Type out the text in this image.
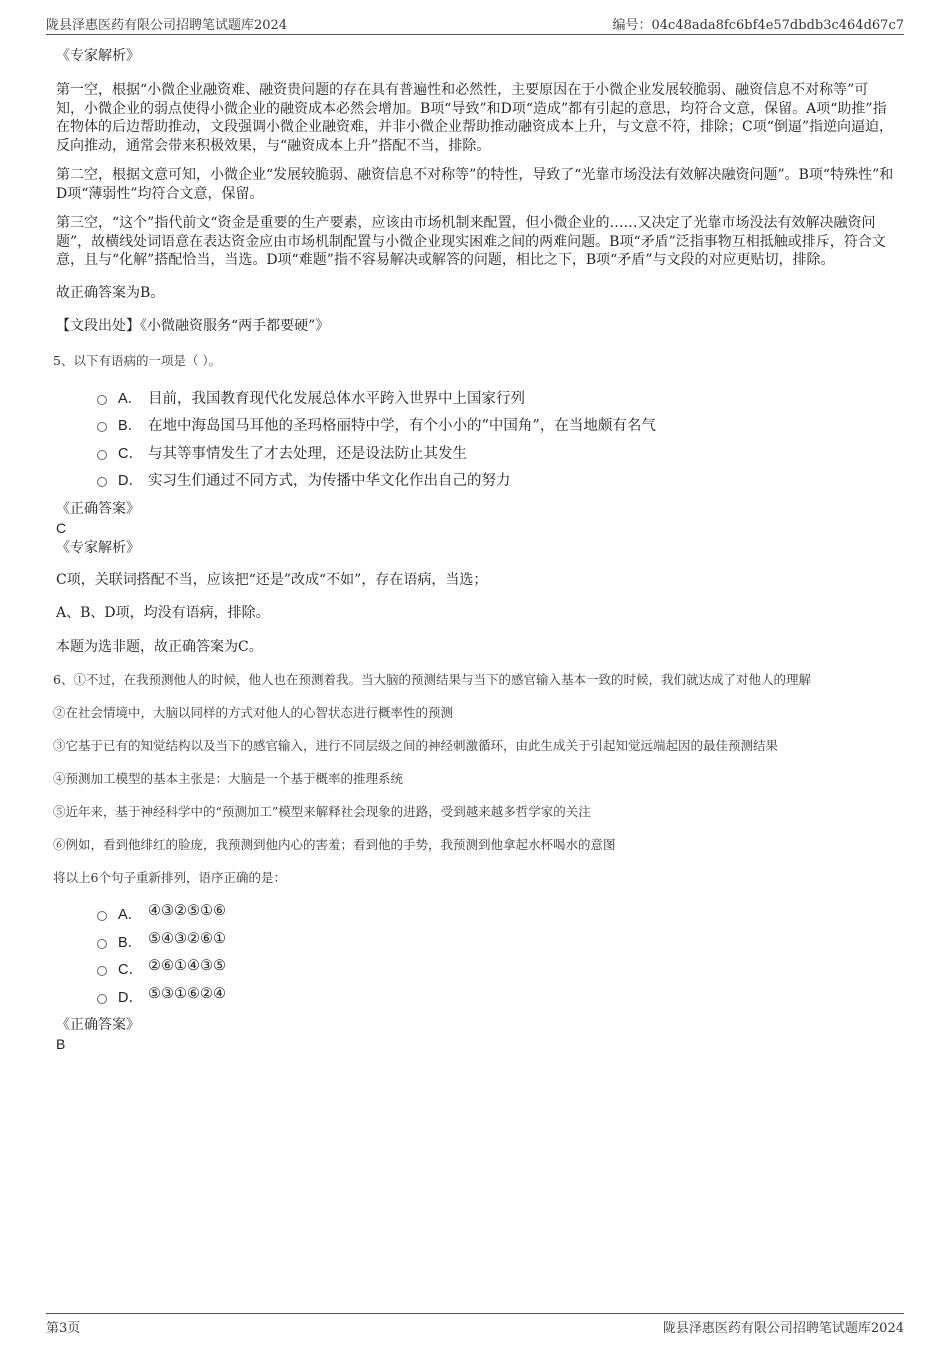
陇县泽惠医药有限公司招聘笔试题库2024	编号：04c48ada8fc6bf4e57dbdb3c464d67c7

《专家解析》

第一空，根据“小微企业融资难、融资贵问题的存在具有普遍性和必然性，主要原因在于小微企业发展较脆弱、融资信息不对称等”可知，小微企业的弱点使得小微企业的融资成本必然会增加。B项“导致”和D项“造成”都有引起的意思，均符合文意，保留。A项“助推”指在物体的后边帮助推动，文段强调小微企业融资难，并非小微企业帮助推动融资成本上升，与文意不符，排除；C项“倒逼”指逆向逼迫，反向推动，通常会带来积极效果，与“融资成本上升”搭配不当，排除。

第二空，根据文意可知，小微企业“发展较脆弱、融资信息不对称等”的特性，导致了“光靠市场没法有效解决融资问题”。B项“特殊性”和D项“薄弱性”均符合文意，保留。

第三空，“这个”指代前文“资金是重要的生产要素，应该由市场机制来配置，但小微企业的……又决定了光靠市场没法有效解决融资问题”，故横线处词语意在表达资金应由市场机制配置与小微企业现实困难之间的两难问题。B项“矛盾”泛指事物互相抵触或排斥，符合文意，且与“化解”搭配恰当，当选。D项“难题”指不容易解决或解答的问题，相比之下，B项“矛盾”与文段的对应更贴切，排除。

故正确答案为B。

【文段出处】《小微融资服务“两手都要硬”》

5、以下有语病的一项是（ ）。

A． 目前，我国教育现代化发展总体水平跨入世界中上国家行列
B． 在地中海岛国马耳他的圣玛格丽特中学，有个小小的“中国角”，在当地颇有名气
C． 与其等事情发生了才去处理，还是设法防止其发生
D． 实习生们通过不同方式，为传播中华文化作出自己的努力

《正确答案》

C

《专家解析》

C项，关联词搭配不当，应该把“还是”改成“不如”，存在语病，当选；

A、B、D项，均没有语病，排除。

本题为选非题，故正确答案为C。

6、①不过，在我预测他人的时候，他人也在预测着我。当大脑的预测结果与当下的感官输入基本一致的时候，我们就达成了对他人的理解

②在社会情境中，大脑以同样的方式对他人的心智状态进行概率性的预测

③它基于已有的知觉结构以及当下的感官输入，进行不同层级之间的神经刺激循环，由此生成关于引起知觉远端起因的最佳预测结果

④预测加工模型的基本主张是：大脑是一个基于概率的推理系统

⑤近年来，基于神经科学中的“预测加工”模型来解释社会现象的进路，受到越来越多哲学家的关注

⑥例如，看到他绯红的脸庞，我预测到他内心的害羞；看到他的手势，我预测到他拿起水杯喝水的意图

将以上6个句子重新排列，语序正确的是：

A． ④③②⑤①⑥
B． ⑤④③②⑥①
C． ②⑥①④③⑤
D． ⑤③①⑥②④

《正确答案》

B

第3页	陇县泽惠医药有限公司招聘笔试题库2024
